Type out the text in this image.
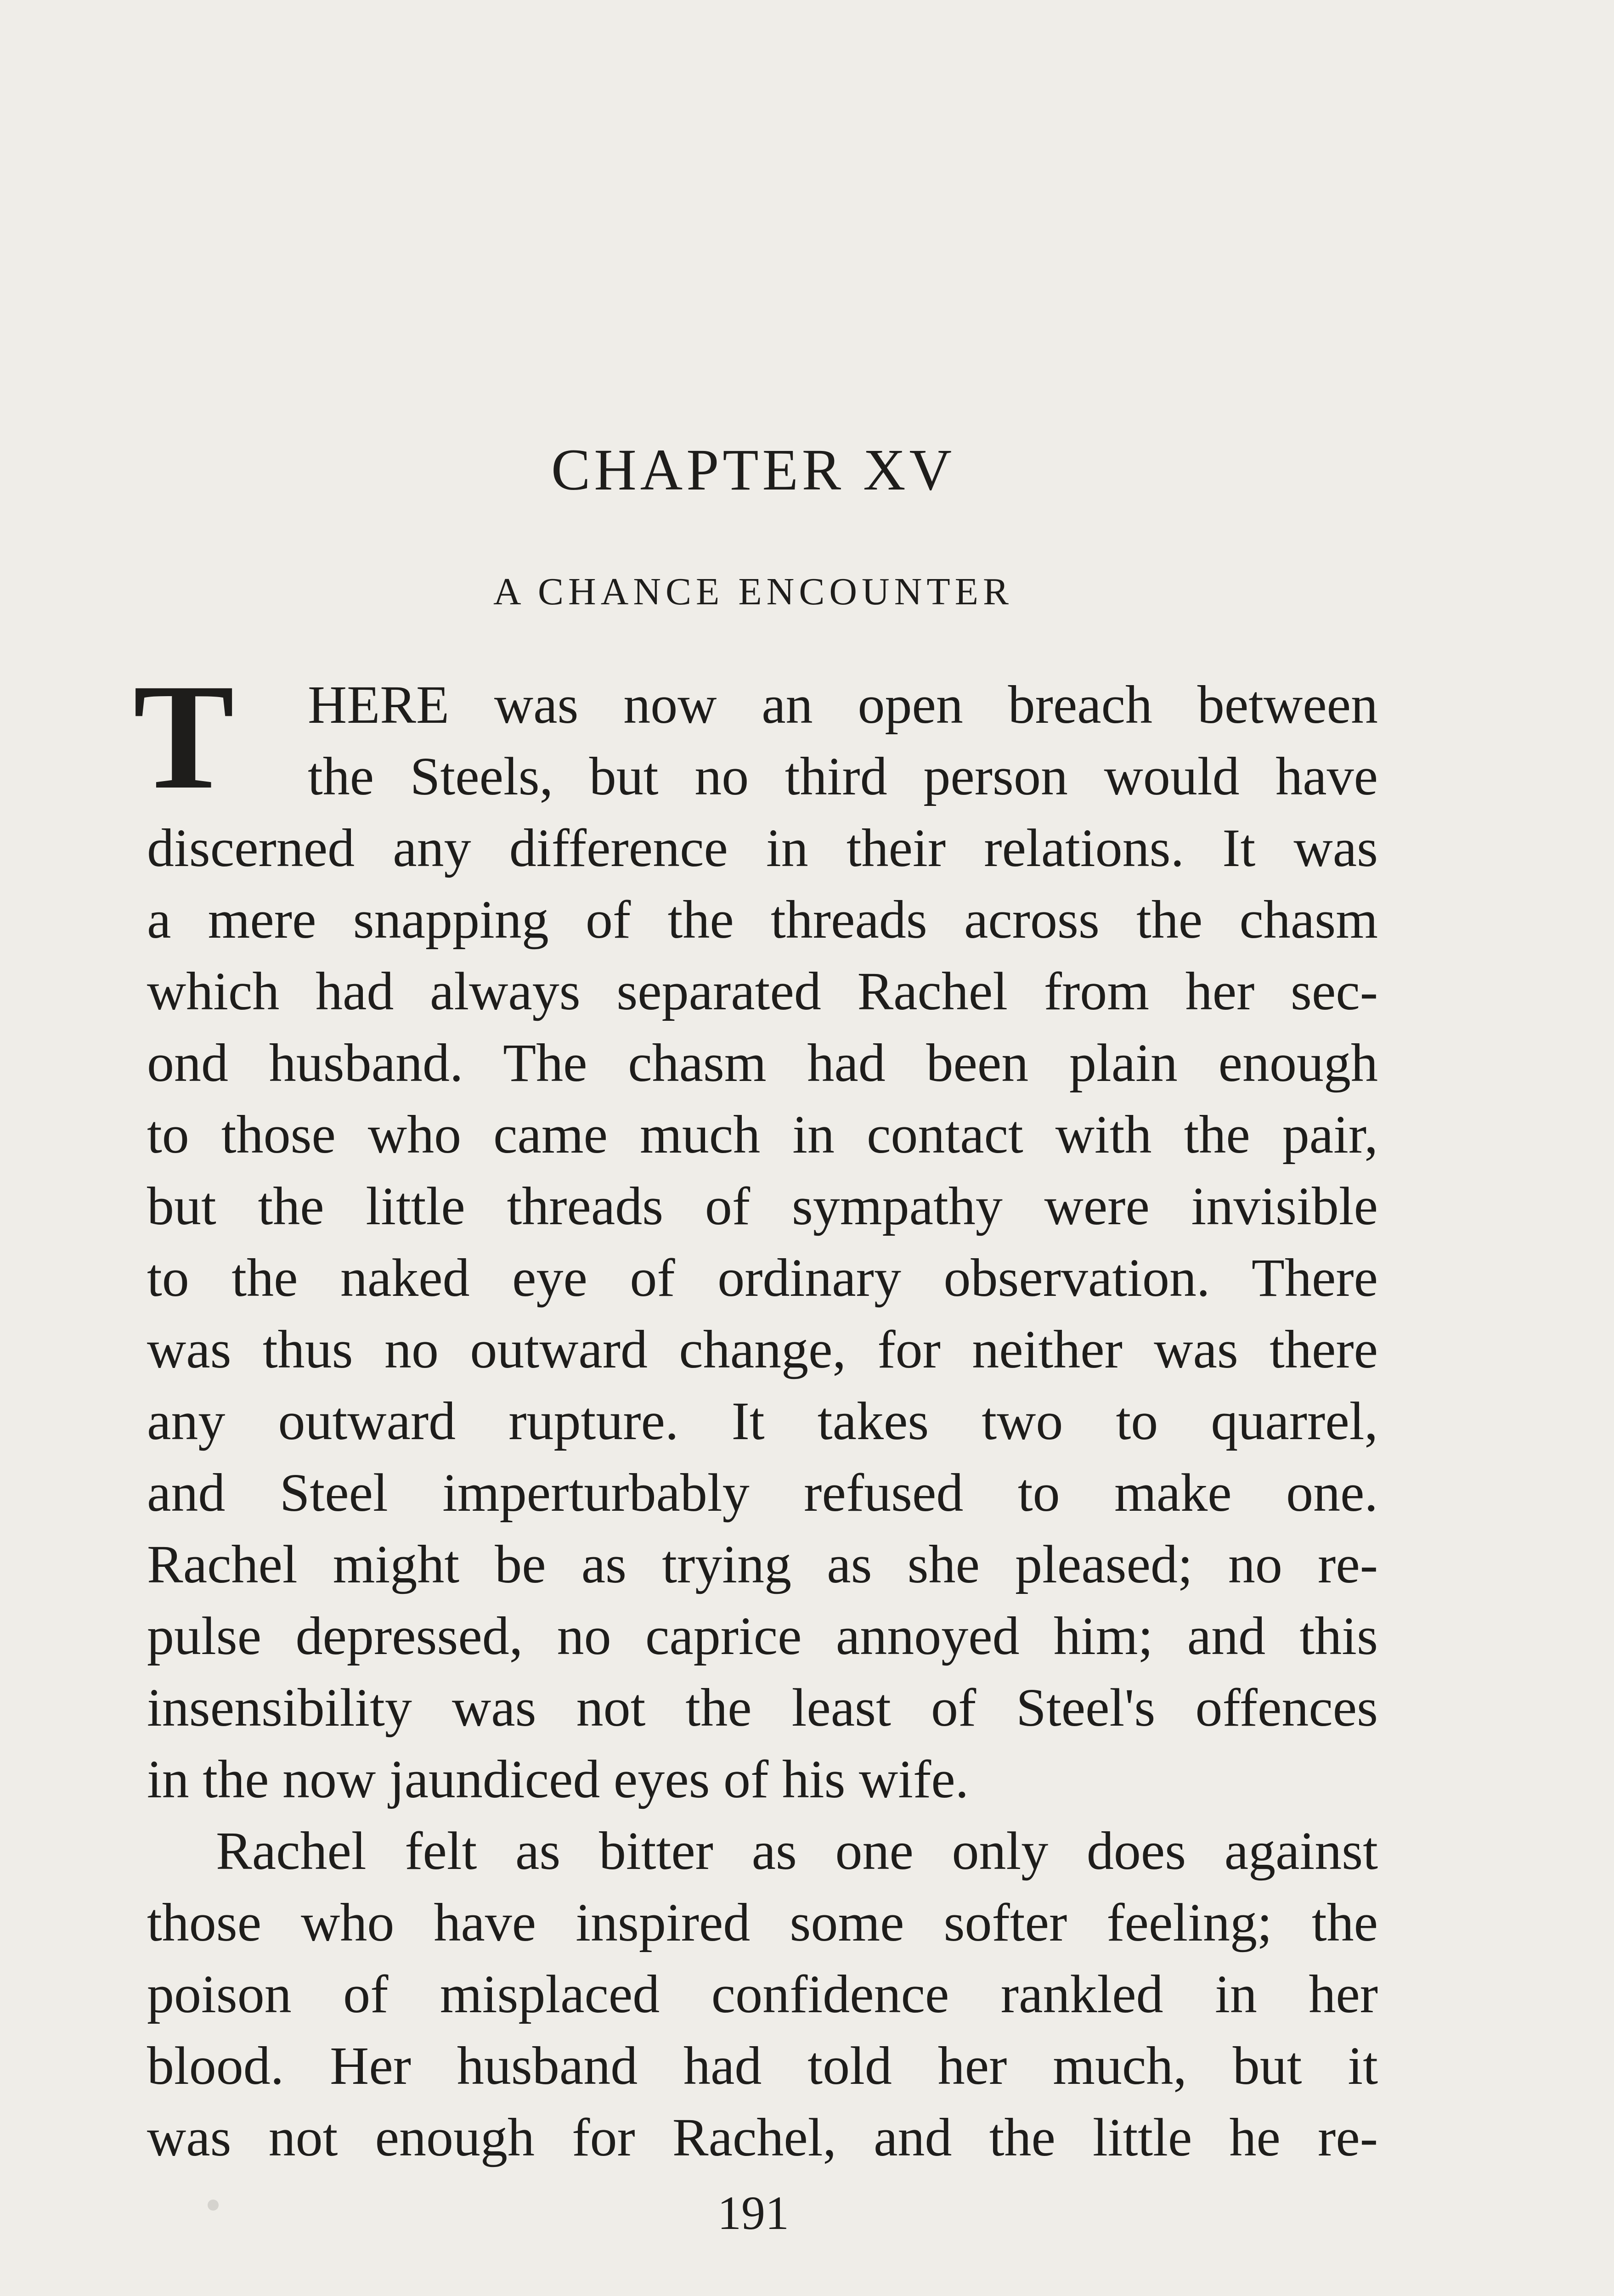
CHAPTER XV
A CHANCE ENCOUNTER
T HERE was now an open breach between
the Steels, but no third person would have
discerned any difference in their relations. It was
a mere snapping of the threads across the chasm
which had always separated Rachel from her sec-
ond husband. The chasm had been plain enough
to those who came much in contact with the pair,
but the little threads of sympathy were invisible
to the naked eye of ordinary observation. There
was thus no outward change, for neither was there
any outward rupture. It takes two to quarrel,
and Steel imperturbably refused to make one.
Rachel might be as trying as she pleased; no re-
pulse depressed, no caprice annoyed him; and this
insensibility was not the least of Steel's offences
in the now jaundiced eyes of his wife.
Rachel felt as bitter as one only does against
those who have inspired some softer feeling; the
poison of misplaced confidence rankled in her
blood. Her husband had told her much, but it
was not enough for Rachel, and the little he re-
191
